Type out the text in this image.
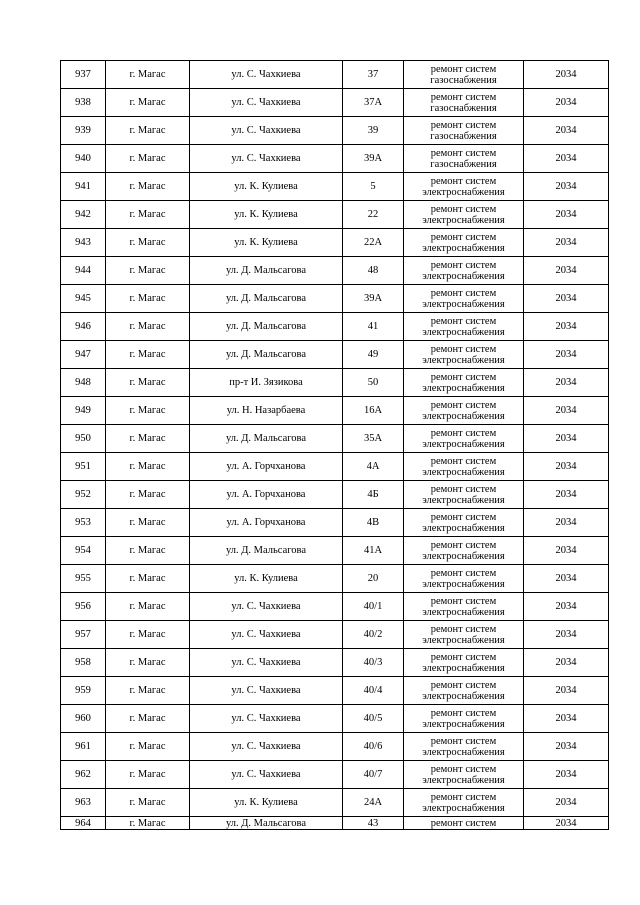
937	г. Магас	ул. С. Чахкиева	37	ремонт систем
газоснабжения	2034
938	г. Магас	ул. С. Чахкиева	37А	ремонт систем
газоснабжения	2034
939	г. Магас	ул. С. Чахкиева	39	ремонт систем
газоснабжения	2034
940	г. Магас	ул. С. Чахкиева	39А	ремонт систем
газоснабжения	2034
941	г. Магас	ул. К. Кулиева	5	ремонт систем
электроснабжения	2034
942	г. Магас	ул. К. Кулиева	22	ремонт систем
электроснабжения	2034
943	г. Магас	ул. К. Кулиева	22А	ремонт систем
электроснабжения	2034
944	г. Магас	ул. Д. Мальсагова	48	ремонт систем
электроснабжения	2034
945	г. Магас	ул. Д. Мальсагова	39А	ремонт систем
электроснабжения	2034
946	г. Магас	ул. Д. Мальсагова	41	ремонт систем
электроснабжения	2034
947	г. Магас	ул. Д. Мальсагова	49	ремонт систем
электроснабжения	2034
948	г. Магас	пр-т И. Зязикова	50	ремонт систем
электроснабжения	2034
949	г. Магас	ул. Н. Назарбаева	16А	ремонт систем
электроснабжения	2034
950	г. Магас	ул. Д. Мальсагова	35А	ремонт систем
электроснабжения	2034
951	г. Магас	ул. А. Горчханова	4А	ремонт систем
электроснабжения	2034
952	г. Магас	ул. А. Горчханова	4Б	ремонт систем
электроснабжения	2034
953	г. Магас	ул. А. Горчханова	4В	ремонт систем
электроснабжения	2034
954	г. Магас	ул. Д. Мальсагова	41А	ремонт систем
электроснабжения	2034
955	г. Магас	ул. К. Кулиева	20	ремонт систем
электроснабжения	2034
956	г. Магас	ул. С. Чахкиева	40/1	ремонт систем
электроснабжения	2034
957	г. Магас	ул. С. Чахкиева	40/2	ремонт систем
электроснабжения	2034
958	г. Магас	ул. С. Чахкиева	40/3	ремонт систем
электроснабжения	2034
959	г. Магас	ул. С. Чахкиева	40/4	ремонт систем
электроснабжения	2034
960	г. Магас	ул. С. Чахкиева	40/5	ремонт систем
электроснабжения	2034
961	г. Магас	ул. С. Чахкиева	40/6	ремонт систем
электроснабжения	2034
962	г. Магас	ул. С. Чахкиева	40/7	ремонт систем
электроснабжения	2034
963	г. Магас	ул. К. Кулиева	24А	ремонт систем
электроснабжения	2034
964	г. Магас	ул. Д. Мальсагова	43	ремонт систем	2034
